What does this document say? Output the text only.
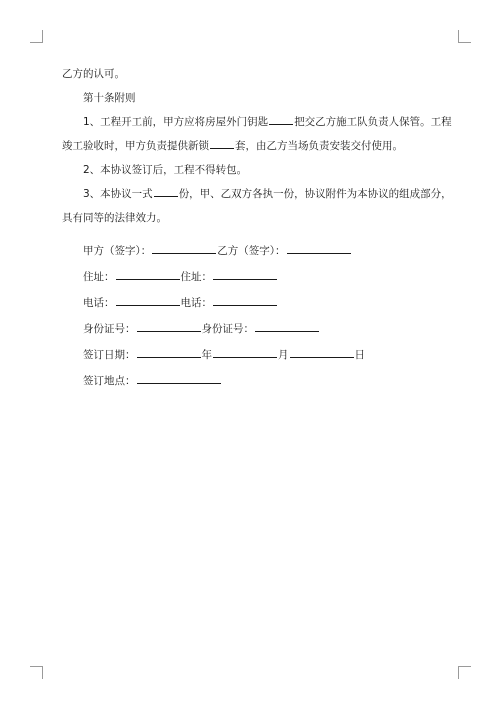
乙方的认可。
第十条附则
1、工程开工前，甲方应将房屋外门钥匙 把交乙方施工队负责人保管。工程
竣工验收时，甲方负责提供新锁 套，由乙方当场负责安装交付使用。
2、本协议签订后，工程不得转包。
3、本协议一式 份，甲、乙双方各执一份，协议附件为本协议的组成部分，
具有同等的法律效力。
甲方（签字）：	乙方（签字）：
住址：	住址：
电话：	电话：
身份证号：	身份证号：
签订日期：	年	月	日
签订地点：
